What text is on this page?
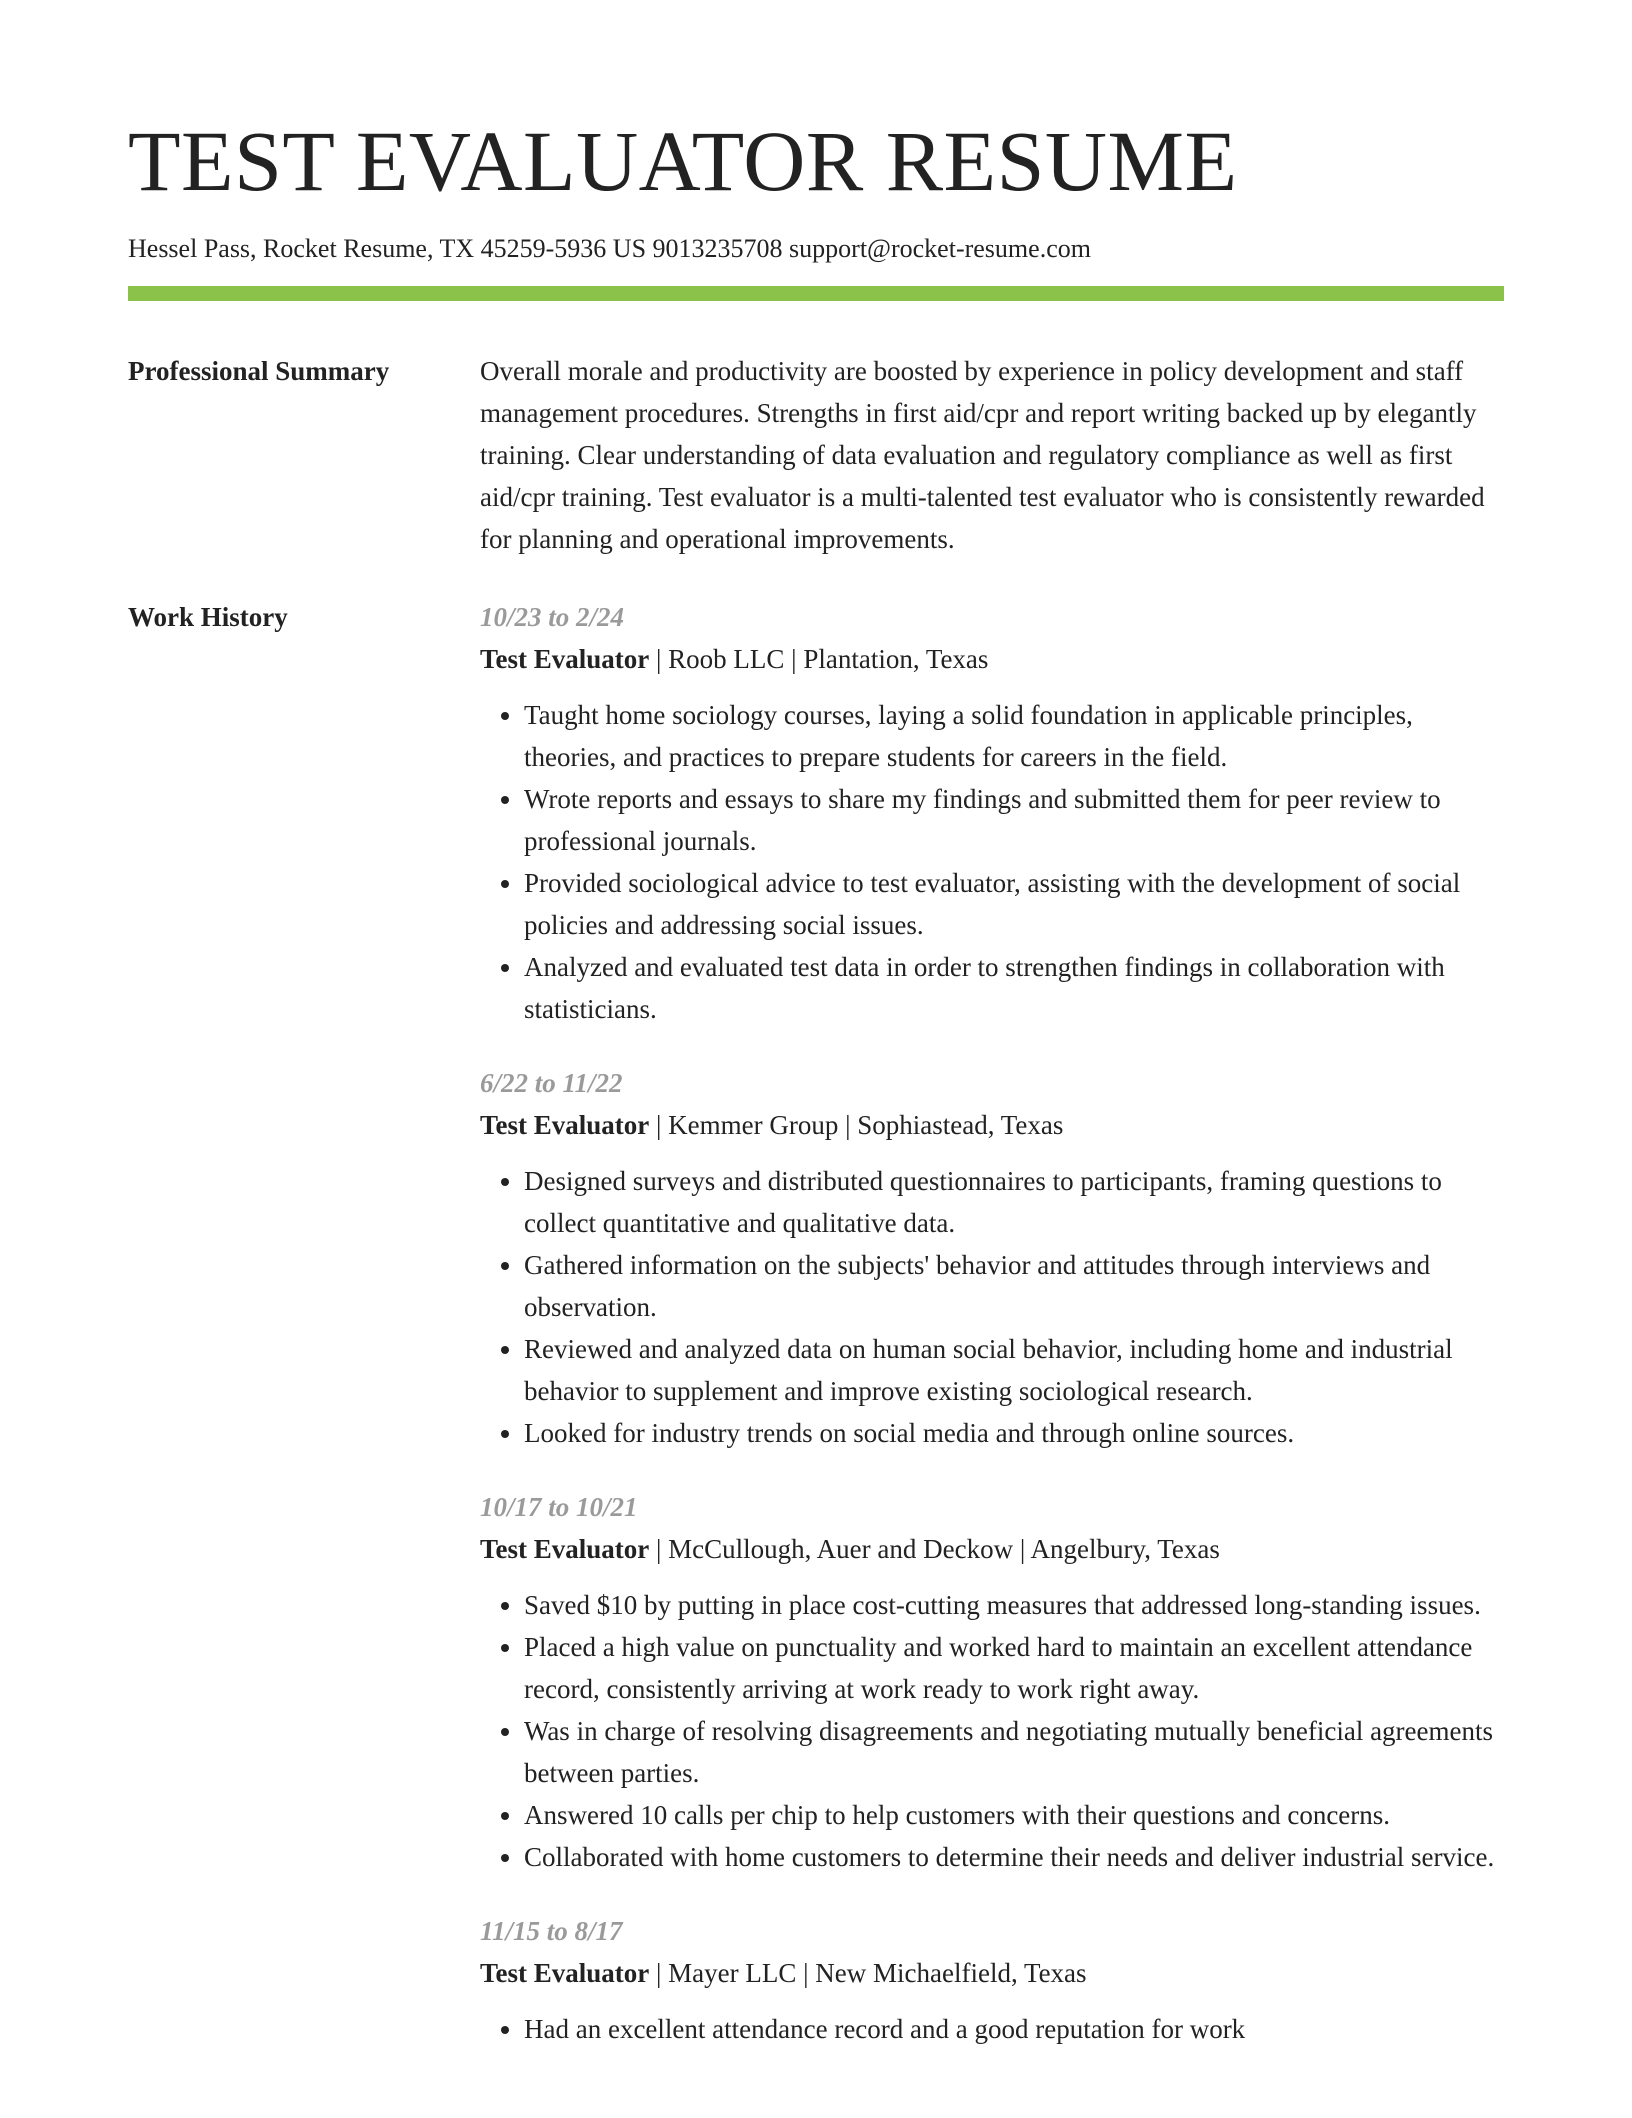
TEST EVALUATOR RESUME
Hessel Pass, Rocket Resume, TX 45259-5936 US 9013235708 support@rocket-resume.com
Professional Summary	Overall morale and productivity are boosted by experience in policy development and staff management procedures. Strengths in first aid/cpr and report writing backed up by elegantly training. Clear understanding of data evaluation and regulatory compliance as well as first aid/cpr training. Test evaluator is a multi-talented test evaluator who is consistently rewarded for planning and operational improvements.

Work History	10/23 to 2/24
Test Evaluator | Roob LLC | Plantation, Texas
• Taught home sociology courses, laying a solid foundation in applicable principles, theories, and practices to prepare students for careers in the field.
• Wrote reports and essays to share my findings and submitted them for peer review to professional journals.
• Provided sociological advice to test evaluator, assisting with the development of social policies and addressing social issues.
• Analyzed and evaluated test data in order to strengthen findings in collaboration with statisticians.
6/22 to 11/22
Test Evaluator | Kemmer Group | Sophiastead, Texas
• Designed surveys and distributed questionnaires to participants, framing questions to collect quantitative and qualitative data.
• Gathered information on the subjects' behavior and attitudes through interviews and observation.
• Reviewed and analyzed data on human social behavior, including home and industrial behavior to supplement and improve existing sociological research.
• Looked for industry trends on social media and through online sources.
10/17 to 10/21
Test Evaluator | McCullough, Auer and Deckow | Angelbury, Texas
• Saved $10 by putting in place cost-cutting measures that addressed long-standing issues.
• Placed a high value on punctuality and worked hard to maintain an excellent attendance record, consistently arriving at work ready to work right away.
• Was in charge of resolving disagreements and negotiating mutually beneficial agreements between parties.
• Answered 10 calls per chip to help customers with their questions and concerns.
• Collaborated with home customers to determine their needs and deliver industrial service.
11/15 to 8/17
Test Evaluator | Mayer LLC | New Michaelfield, Texas
• Had an excellent attendance record and a good reputation for work
